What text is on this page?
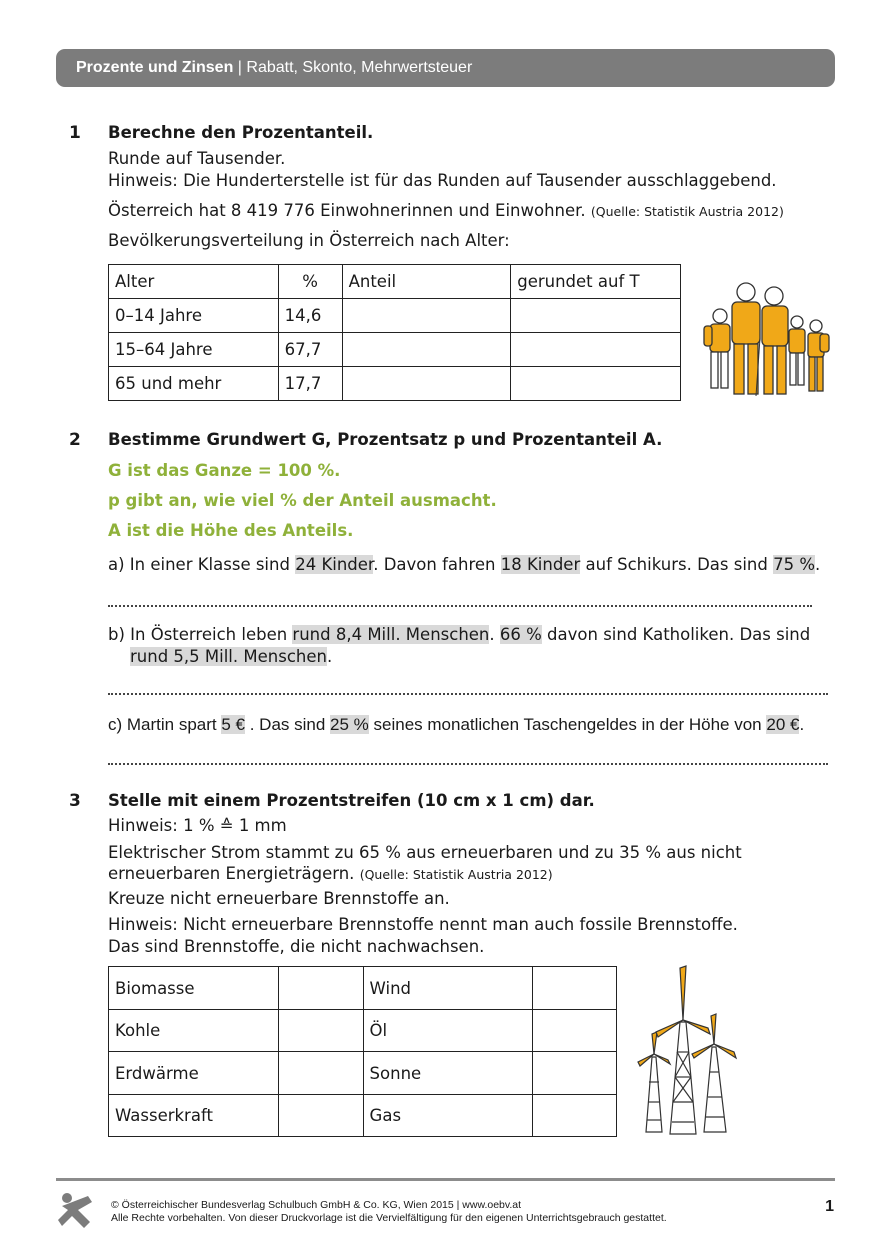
Prozente und Zinsen | Rabatt, Skonto, Mehrwertsteuer
1 Berechne den Prozentanteil.
Runde auf Tausender.
Hinweis: Die Hunderterstelle ist für das Runden auf Tausender ausschlaggebend.
Österreich hat 8 419 776 Einwohnerinnen und Einwohner. (Quelle: Statistik Austria 2012)
Bevölkerungsverteilung in Österreich nach Alter:
Alter	%	Anteil	gerundet auf T
0–14 Jahre	14,6		
15–64 Jahre	67,7		
65 und mehr	17,7		
2 Bestimme Grundwert G, Prozentsatz p und Prozentanteil A.
G ist das Ganze = 100 %.
p gibt an, wie viel % der Anteil ausmacht.
A ist die Höhe des Anteils.
a) In einer Klasse sind 24 Kinder. Davon fahren 18 Kinder auf Schikurs. Das sind 75 %.
b) In Österreich leben rund 8,4 Mill. Menschen. 66 % davon sind Katholiken. Das sind
rund 5,5 Mill. Menschen.
c) Martin spart 5 € . Das sind 25 % seines monatlichen Taschengeldes in der Höhe von 20 €.
3 Stelle mit einem Prozentstreifen (10 cm x 1 cm) dar.
Hinweis: 1 % ≙ 1 mm
Elektrischer Strom stammt zu 65 % aus erneuerbaren und zu 35 % aus nicht
erneuerbaren Energieträgern. (Quelle: Statistik Austria 2012)
Kreuze nicht erneuerbare Brennstoffe an.
Hinweis: Nicht erneuerbare Brennstoffe nennt man auch fossile Brennstoffe.
Das sind Brennstoffe, die nicht nachwachsen.
Biomasse		Wind	
Kohle		Öl	
Erdwärme		Sonne	
Wasserkraft		Gas	
© Österreichischer Bundesverlag Schulbuch GmbH & Co. KG, Wien 2015 | www.oebv.at
Alle Rechte vorbehalten. Von dieser Druckvorlage ist die Vervielfältigung für den eigenen Unterrichtsgebrauch gestattet.
1
